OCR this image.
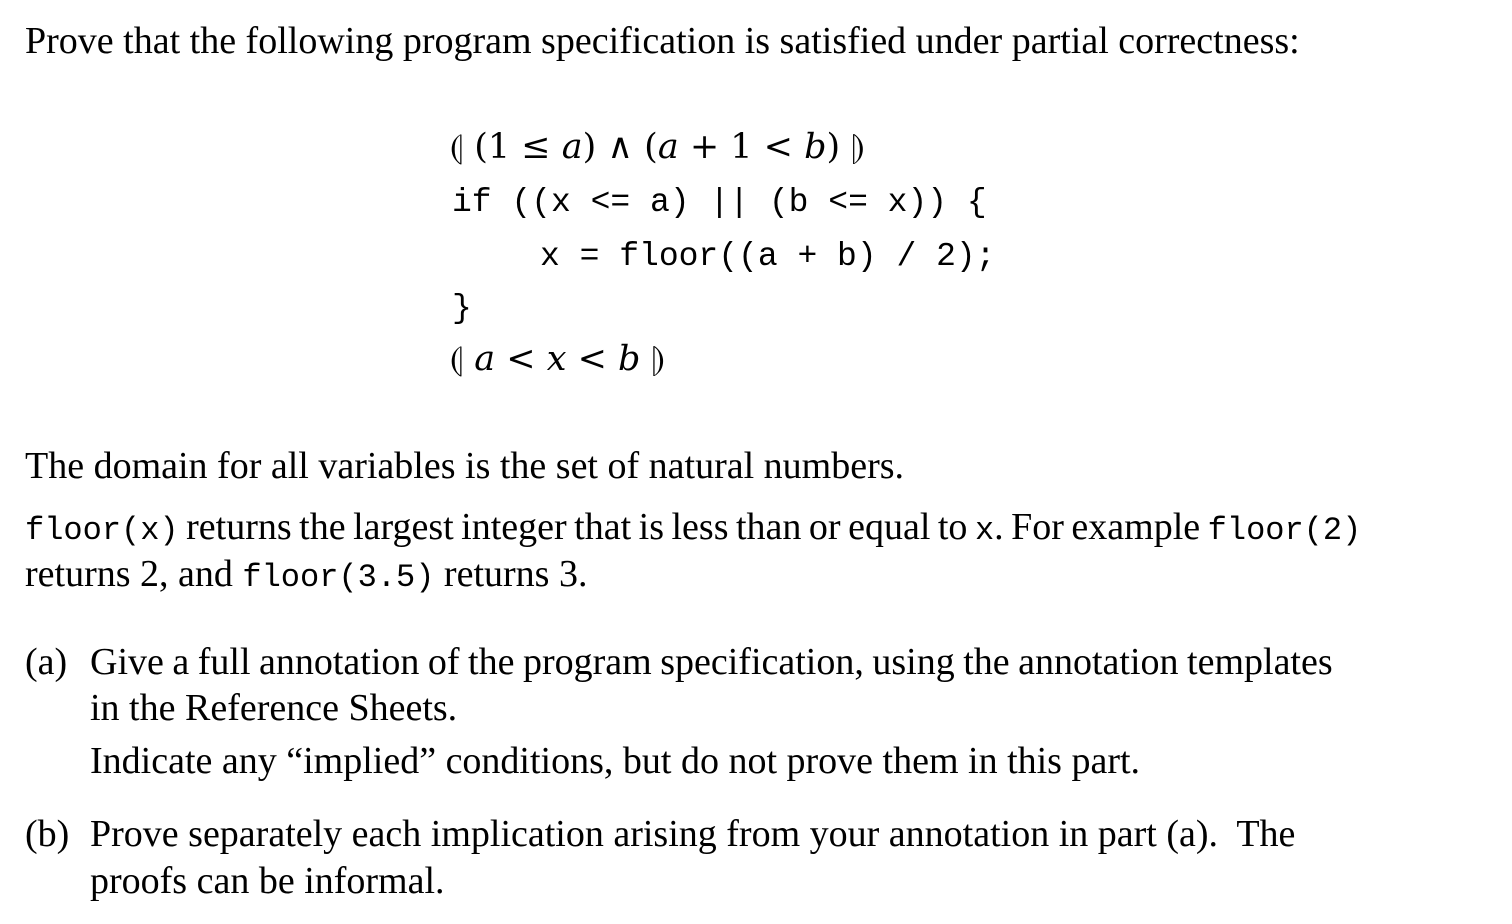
Prove that the following program specification is satisfied under partial correctness:
⦇ (1 ≤ a) ∧ (a + 1 < b) ⦈
if ((x <= a) || (b <= x)) {
x = floor((a + b) / 2);
}
⦇ a < x < b ⦈
The domain for all variables is the set of natural numbers.
floor(x) returns the largest integer that is less than or equal to x. For example floor(2)
returns 2, and floor(3.5) returns 3.
(a) Give a full annotation of the program specification, using the annotation templates
in the Reference Sheets.
Indicate any “implied” conditions, but do not prove them in this part.
(b) Prove separately each implication arising from your annotation in part (a).  The
proofs can be informal.
